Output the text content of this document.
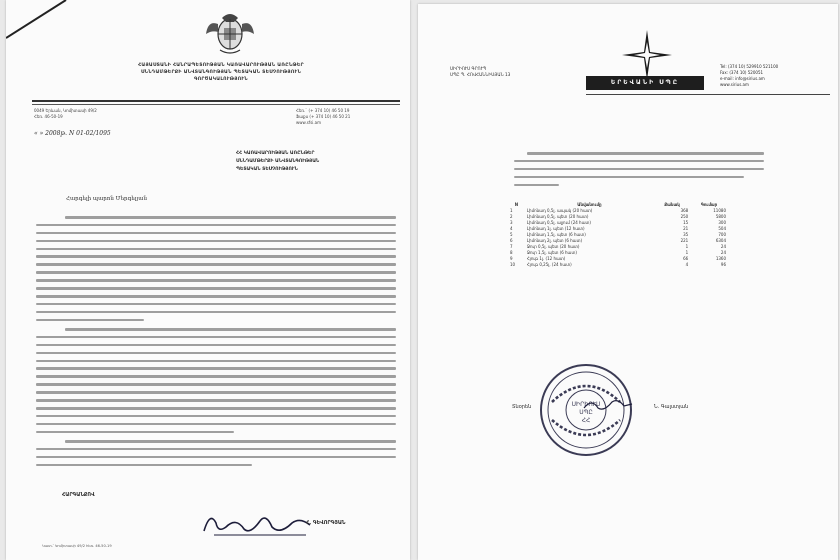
ՀԱՅԱՍՏԱՆԻ ՀԱՆՐԱՊԵՏՈՒԹՅԱՆ ԿԱՌԱՎԱՐՈՒԹՅԱՆ ԱՌԸՆԹԵՐ
ՍՆՆԴԱՄԹԵՐՔԻ ԱՆՎՏԱՆԳՈՒԹՅԱՆ ՊԵՏԱԿԱՆ ՏԵՍՉՈՒԹՅՈՒՆ
ԳՈՐԾԱԿԱԼՈՒԹՅՈՒՆ
0049 Երևան, Կոմիտասի 49/2
Հեռ. 46-50-19
Հեռ.` (+ 374 10) 46 50 19
Ֆաքս (+ 374 10) 46 50 21
www.sfsi.am
« » 2008թ. N 01-02/1095
ՀՀ ԿԱՌԱՎԱՐՈՒԹՅԱՆ ԱՌԸՆԹԵՐ
ՍՆՆԴԱՄԹԵՐՔԻ ԱՆՎՏԱՆԳՈՒԹՅԱՆ
ՊԵՏԱԿԱՆ ՏԵՍՉՈՒԹՅՈՒՆ
Հարգելի պարոն Մերգելյան
ՀԱՐԳԱՆՔՈՎ
Հ. ԳԵՎՈՐԳՅԱՆ
Կատ.՝ Կոմիտասի 49/2 հեռ. 46-50-19
ՍԻՐԻՈՒՍ ԳՐՈՒՊ
ՍՊԸ Պ. ՀՈՎՀԱՆՆԻՍՅԱՆ 13
ԵՐԵՎԱՆԻ ՍՊԸ
Tel: (374 10) 529910 521100
Fax: (374 10) 520051
e-mail: info@sirius.am
www.sirius.am
N	Անվանումը	Քանակ	Գումար
1	Լիմոնադ 0,5լ. ապակ (20 հատ)	368	11080
2	Լիմոնադ 0,5լ. պետ (20 հատ)	250	5800
3	Լիմոնադ 0,5լ. ալյում (24 հատ)	15	300
4	Լիմոնադ 1լ. պետ (12 հատ)	21	504
5	Լիմոնադ 1,5լ. պետ (6 հատ)	35	700
6	Լիմոնադ 2լ. պետ (6 հատ)	221	6304
7	Ջուր 0,5լ. պետ (20 հատ)	1	24
8	Ջուր 1,5լ. պետ (6 հատ)	1	24
9	Հյութ 1լ. (12 հատ)	66	1360
10	Հյութ 0,25լ. (24 հատ)	4	96
Տնօրեն	ՍԻՐԻՈՒՍ
ՍՊԸ
ՀՀ
Ն. Գալստյան
